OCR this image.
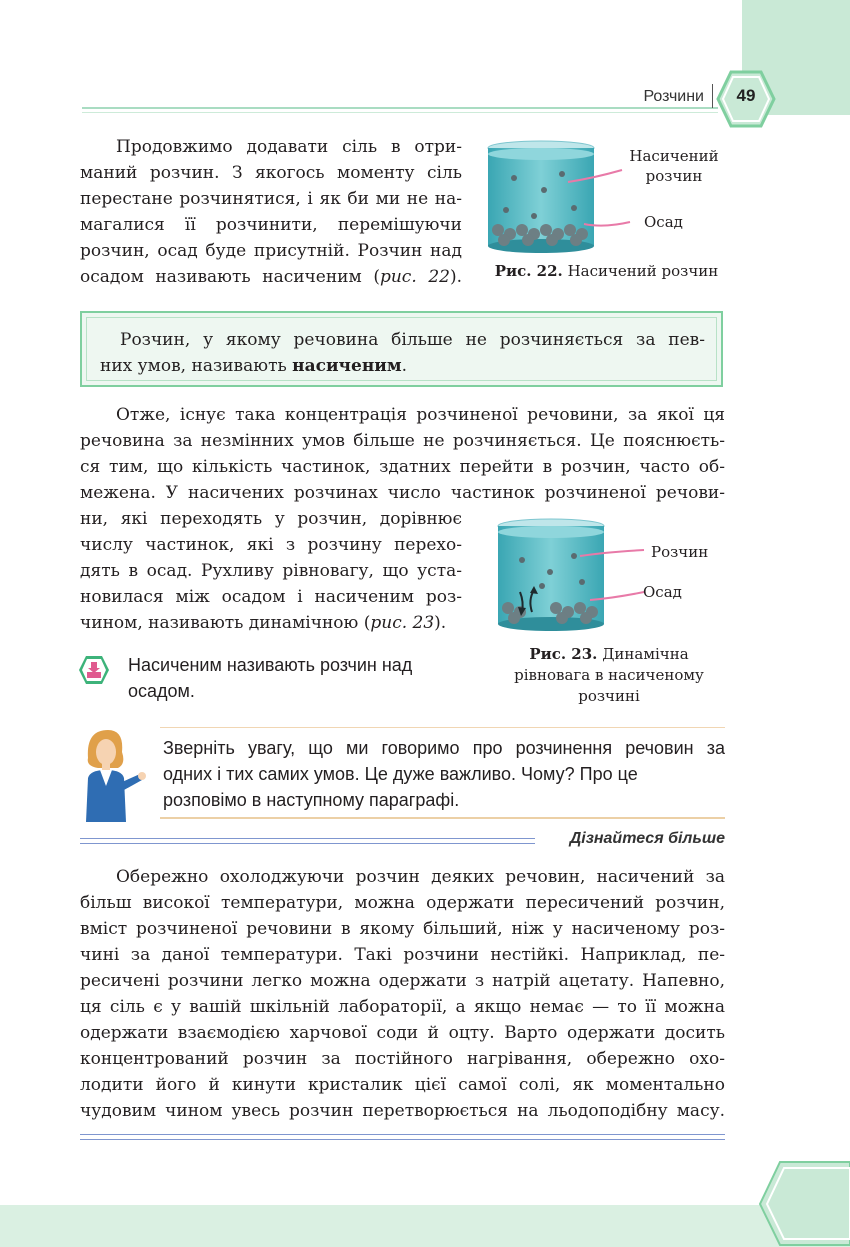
Розчини	49

Продовжимо додавати сіль в отри-

маний розчин. З якогось моменту сіль

перестане розчинятися, і як би ми не на-

магалися її розчинити, перемішуючи

розчин, осад буде присутній. Розчин над

осадом називають насиченим (рис. 22).

Насичений
розчин
Осад
Рис. 22. Насичений розчин

Розчин, у якому речовина більше не розчиняється за пев-

них умов, називають насиченим.

Отже, існує така концентрація розчиненої речовини, за якої ця

речовина за незмінних умов більше не розчиняється. Це пояснюєть-

ся тим, що кількість частинок, здатних перейти в розчин, часто об-

межена. У насичених розчинах число частинок розчиненої речови-

ни, які переходять у розчин, дорівнює

числу частинок, які з розчину перехо-

дять в осад. Рухливу рівновагу, що уста-

новилася між осадом і насиченим роз-

чином, називають динамічною (рис. 23).

Розчин
Осад
Рис. 23. Динамічна
рівновага в насиченому
розчині
Насиченим називають розчин над
осадом.
Зверніть увагу, що ми говоримо про розчинення речовин за
одних і тих самих умов. Це дуже важливо. Чому? Про це
розповімо в наступному параграфі.
Дізнайтеся більше

Обережно охолоджуючи розчин деяких речовин, насичений за

більш високої температури, можна одержати пересичений розчин,

вміст розчиненої речовини в якому більший, ніж у насиченому роз-

чині за даної температури. Такі розчини нестійкі. Наприклад, пе-

ресичені розчини легко можна одержати з натрій ацетату. Напевно,

ця сіль є у вашій шкільній лабораторії, а якщо немає — то її можна

одержати взаємодією харчової соди й оцту. Варто одержати досить

концентрований розчин за постійного нагрівання, обережно охо-

лодити його й кинути кристалик цієї самої солі, як моментально

чудовим чином увесь розчин перетворюється на льодоподібну масу.
